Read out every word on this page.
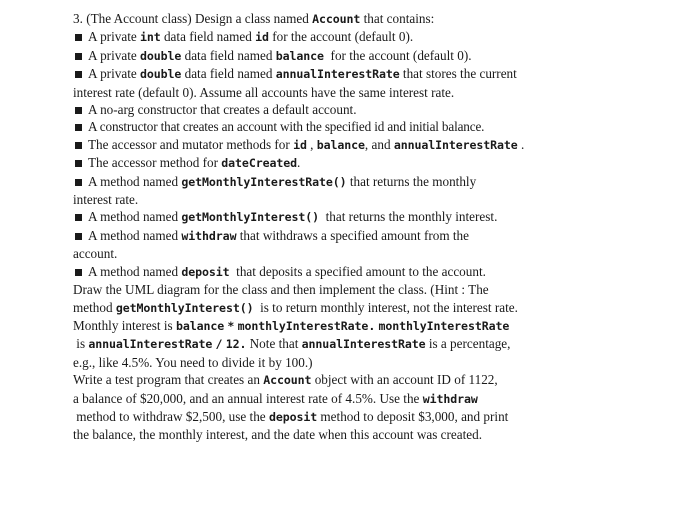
3. (The Account class) Design a class named Account that contains:

A private int data field named id for the account (default 0).

A private double data field named balance for the account (default 0).

A private double data field named annualInterestRate that stores the current
interest rate (default 0). Assume all accounts have the same interest rate.

A no-arg constructor that creates a default account.

A constructor that creates an account with the specified id and initial balance.

The accessor and mutator methods for id , balance, and annualInterestRate .

The accessor method for dateCreated.

A method named getMonthlyInterestRate() that returns the monthly
interest rate.

A method named getMonthlyInterest() that returns the monthly interest.

A method named withdraw that withdraws a specified amount from the
account.

A method named deposit that deposits a specified amount to the account.

Draw the UML diagram for the class and then implement the class. (Hint : The
method getMonthlyInterest() is to return monthly interest, not the interest rate.
Monthly interest is balance * monthlyInterestRate. monthlyInterestRate
is annualInterestRate / 12. Note that annualInterestRate is a percentage,
e.g., like 4.5%. You need to divide it by 100.)

Write a test program that creates an Account object with an account ID of 1122,
a balance of $20,000, and an annual interest rate of 4.5%. Use the withdraw
method to withdraw $2,500, use the deposit method to deposit $3,000, and print
the balance, the monthly interest, and the date when this account was created.
